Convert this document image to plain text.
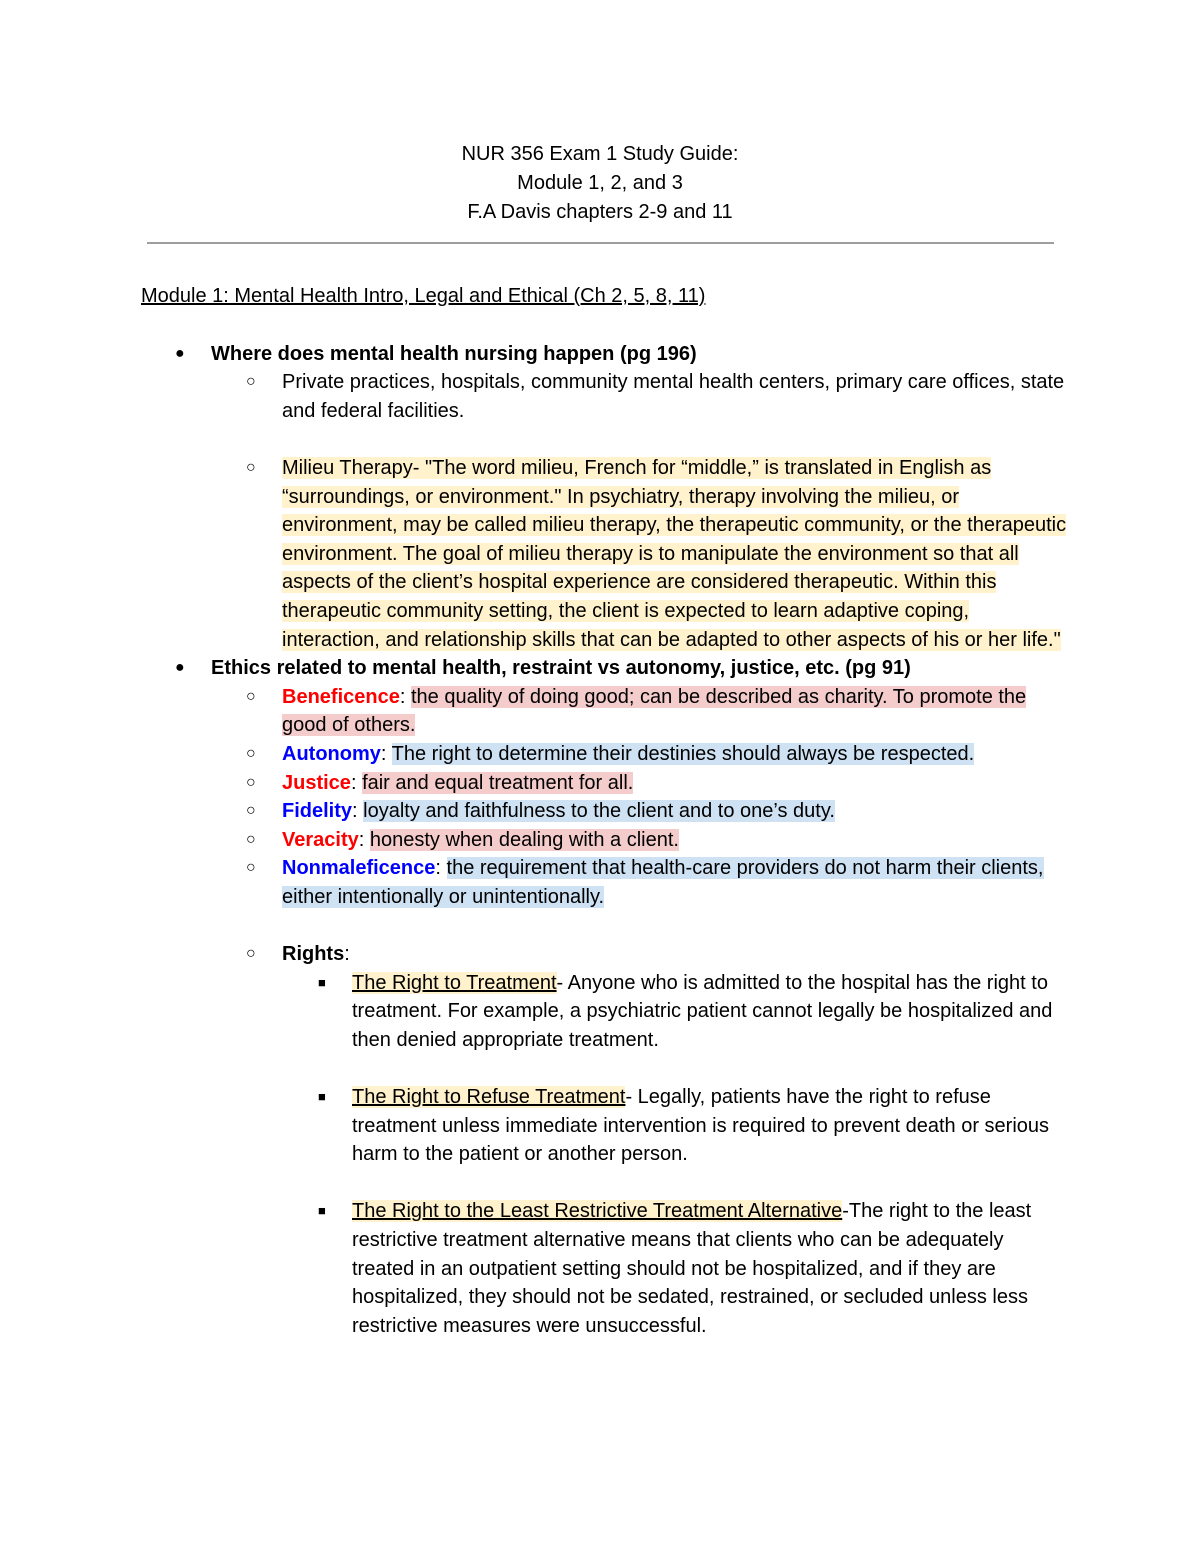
NUR 356 Exam 1 Study Guide:
Module 1, 2, and 3
F.A Davis chapters 2-9 and 11
Module 1: Mental Health Intro, Legal and Ethical (Ch 2, 5, 8, 11)
● Where does mental health nursing happen (pg 196)
○ Private practices, hospitals, community mental health centers, primary care offices, state and federal facilities.
○ Milieu Therapy- "The word milieu, French for “middle,” is translated in English as “surroundings, or environment." In psychiatry, therapy involving the milieu, or environment, may be called milieu therapy, the therapeutic community, or the therapeutic environment. The goal of milieu therapy is to manipulate the environment so that all aspects of the client’s hospital experience are considered therapeutic. Within this therapeutic community setting, the client is expected to learn adaptive coping, interaction, and relationship skills that can be adapted to other aspects of his or her life."
● Ethics related to mental health, restraint vs autonomy, justice, etc. (pg 91)
○ Beneficence: the quality of doing good; can be described as charity. To promote the good of others.
○ Autonomy: The right to determine their destinies should always be respected.
○ Justice: fair and equal treatment for all.
○ Fidelity: loyalty and faithfulness to the client and to one’s duty.
○ Veracity: honesty when dealing with a client.
○ Nonmaleficence: the requirement that health-care providers do not harm their clients, either intentionally or unintentionally.
○ Rights:
■ The Right to Treatment- Anyone who is admitted to the hospital has the right to treatment. For example, a psychiatric patient cannot legally be hospitalized and then denied appropriate treatment.
■ The Right to Refuse Treatment- Legally, patients have the right to refuse treatment unless immediate intervention is required to prevent death or serious harm to the patient or another person.
■ The Right to the Least Restrictive Treatment Alternative-The right to the least restrictive treatment alternative means that clients who can be adequately treated in an outpatient setting should not be hospitalized, and if they are hospitalized, they should not be sedated, restrained, or secluded unless less restrictive measures were unsuccessful.
